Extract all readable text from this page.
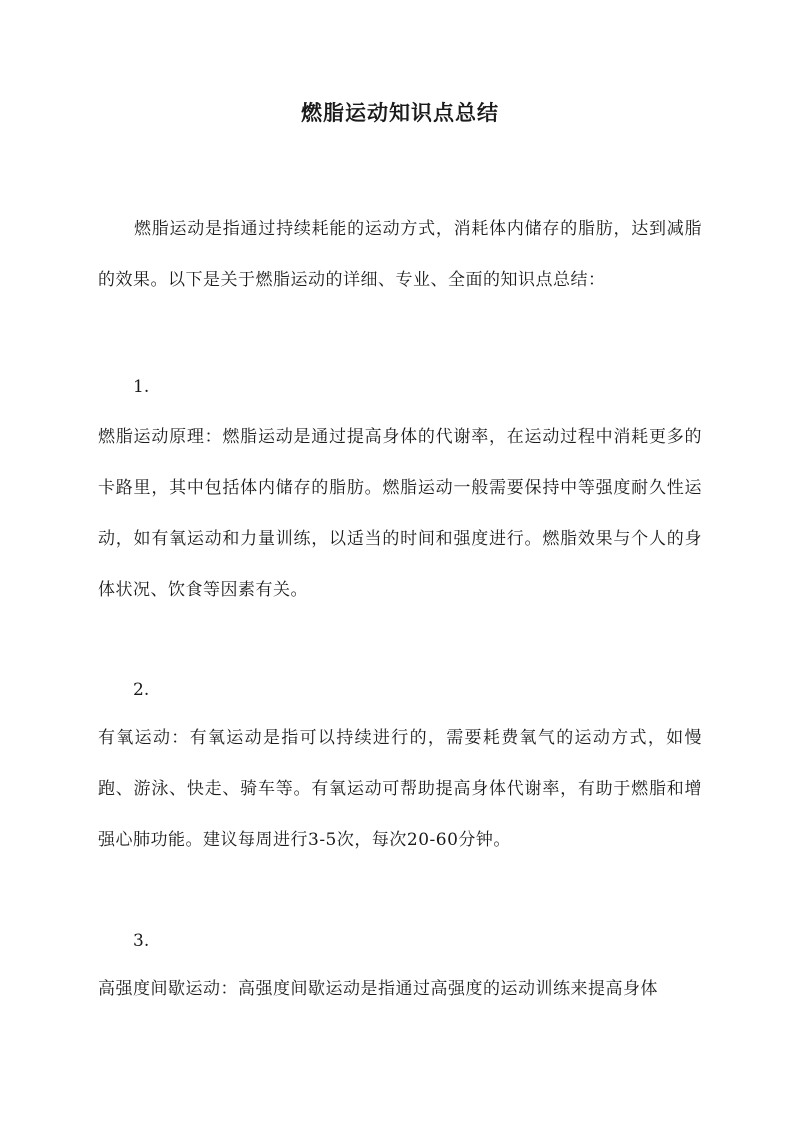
燃脂运动知识点总结

燃脂运动是指通过持续耗能的运动方式，消耗体内储存的脂肪，达到减脂的效果。以下是关于燃脂运动的详细、专业、全面的知识点总结：

1.

燃脂运动原理：燃脂运动是通过提高身体的代谢率，在运动过程中消耗更多的卡路里，其中包括体内储存的脂肪。燃脂运动一般需要保持中等强度耐久性运动，如有氧运动和力量训练，以适当的时间和强度进行。燃脂效果与个人的身体状况、饮食等因素有关。

2.

有氧运动：有氧运动是指可以持续进行的，需要耗费氧气的运动方式，如慢跑、游泳、快走、骑车等。有氧运动可帮助提高身体代谢率，有助于燃脂和增强心肺功能。建议每周进行3-5次，每次20-60分钟。

3.

高强度间歇运动：高强度间歇运动是指通过高强度的运动训练来提高身体
